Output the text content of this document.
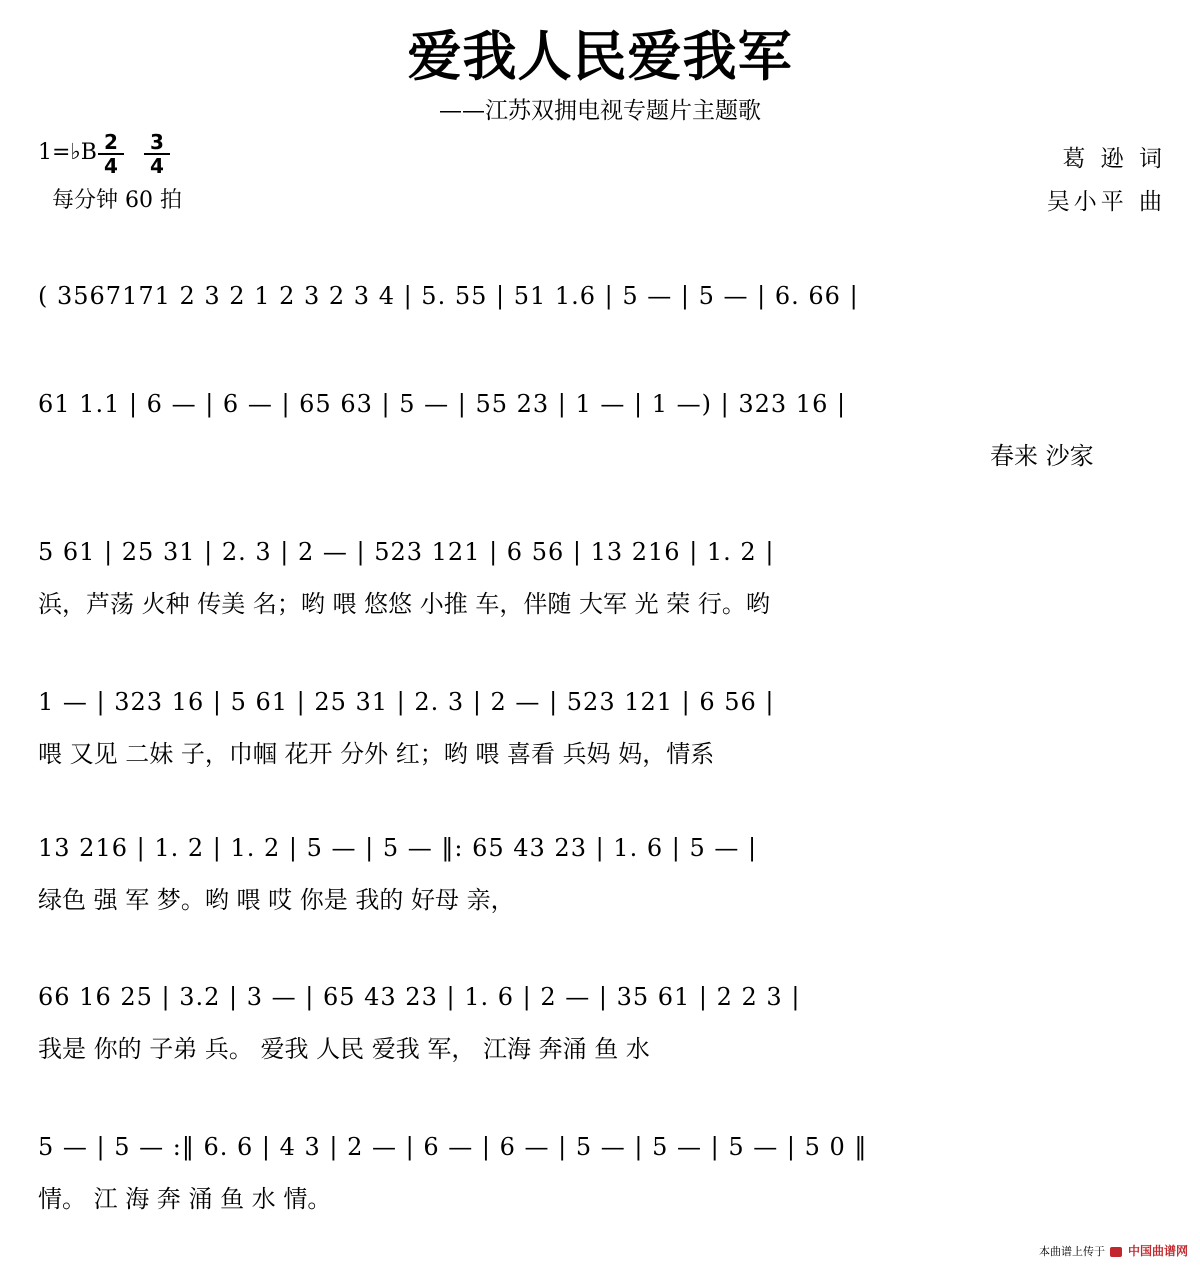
爱我人民爱我军
——江苏双拥电视专题片主题歌
1=♭B $\frac{2}{4} \frac{3}{4}$
每分钟 60 拍
葛 逊 词
吴小平 曲
( 3567171 2 3 2 1 2 3 2 3 4 | 5. 55 | 51 1.6 | 5 — | 5 — | 6. 66 |
61 1.1 | 6 — | 6 — | 65 63 | 5 — | 55 23 | 1 — | 1 —) | 323 16 |
春来 沙家
5 61 | 25 31 | 2. 3 | 2 — | 523 121 | 6 56 | 13 216 | 1. 2 |
浜，芦荡 火种 传美 名；哟 喂 悠悠 小推 车，伴随 大军 光 荣 行。哟
1 — | 323 16 | 5 61 | 25 31 | 2. 3 | 2 — | 523 121 | 6 56 |
喂 又见 二妹 子，巾帼 花开 分外 红；哟 喂 喜看 兵妈 妈，情系
13 216 | 1. 2 | 1. 2 | 5 — | 5 — ‖: 65 43 23 | 1. 6 | 5 — |
绿色 强 军 梦。哟 喂 哎 你是 我的 好母 亲，
66 16 25 | 3.2 | 3 — | 65 43 23 | 1. 6 | 2 — | 35 61 | 2 2 3 |
我是 你的 子弟 兵。 爱我 人民 爱我 军， 江海 奔涌 鱼 水
5 — | 5 — :‖ 6. 6 | 4 3 | 2 — | 6 — | 6 — | 5 — | 5 — | 5 — | 5 0 ‖
情。 江 海 奔 涌 鱼 水 情。
本曲谱上传于 中国曲谱网
